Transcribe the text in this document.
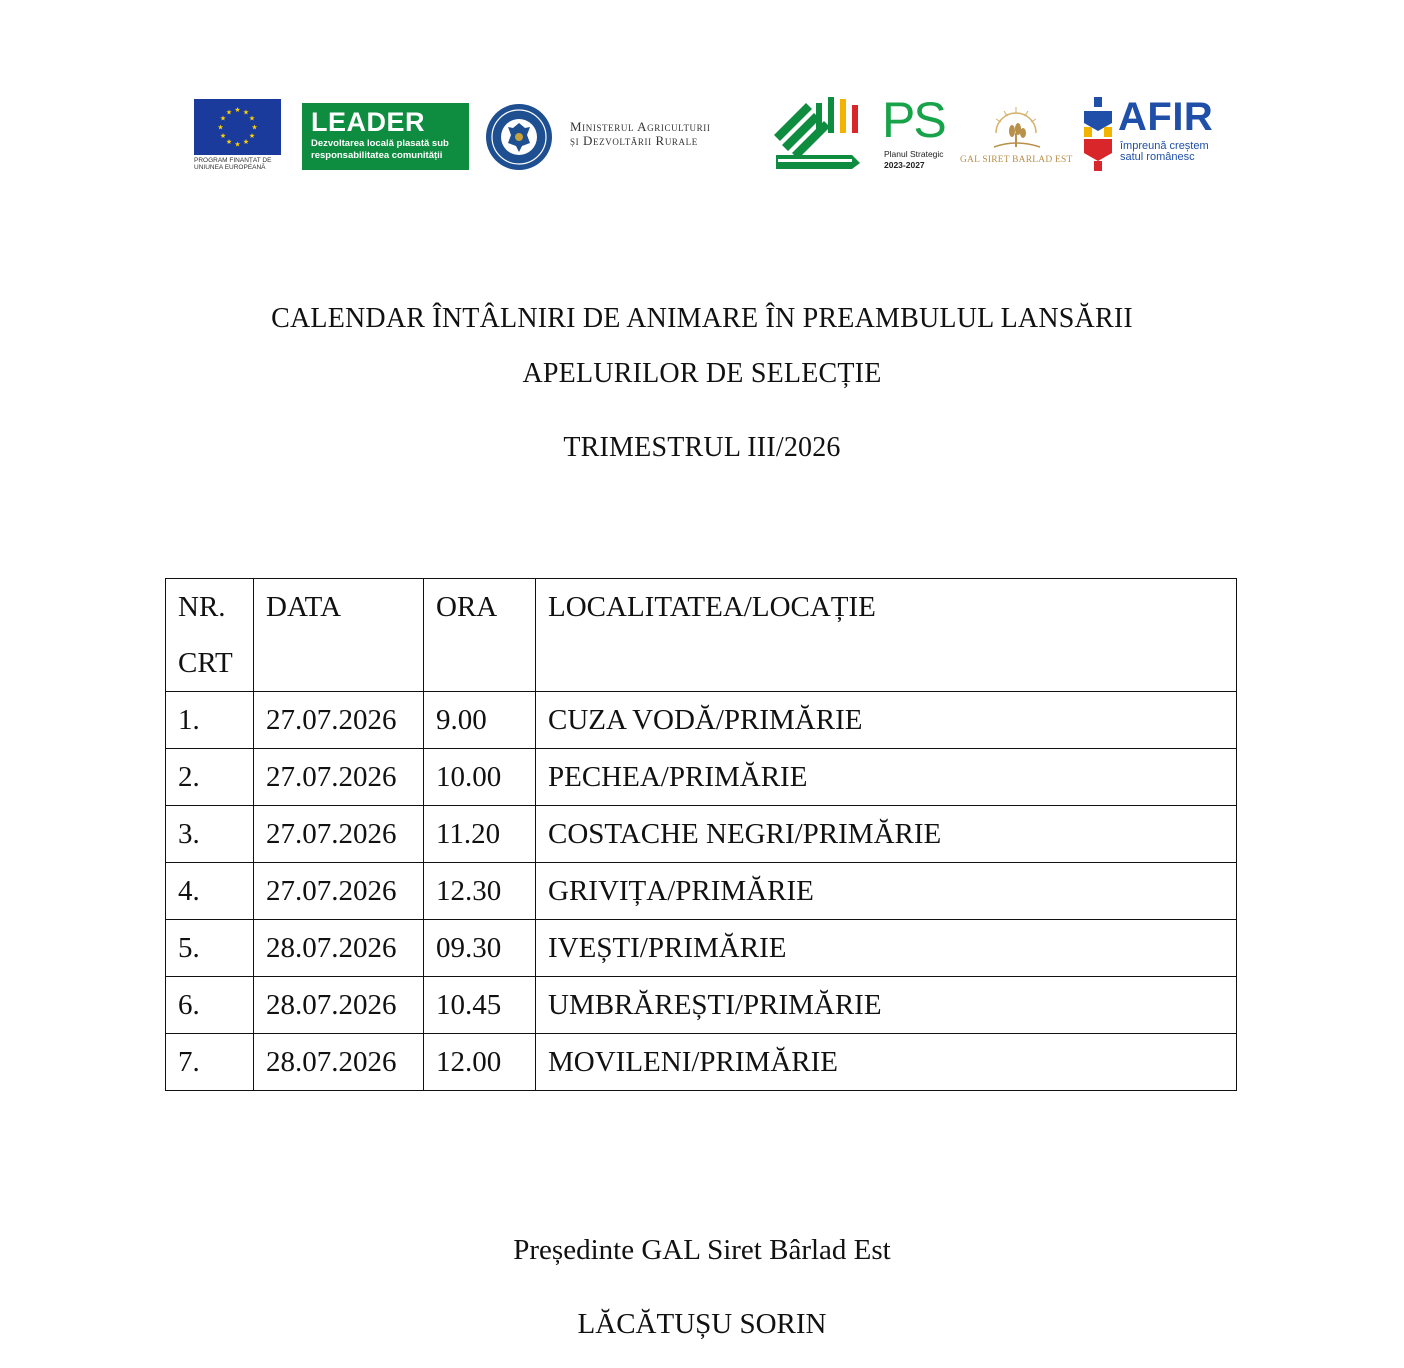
★ ★
★
★
★
★
★
★
★
★
★
★
PROGRAM FINANȚAT DE
UNIUNEA EUROPEANĂ
LEADER
Dezvoltarea locală plasată sub responsabilitatea comunității
Ministerul Agriculturii
și Dezvoltării Rurale	PS
Planul Strategic
2023-2027	GAL SIRET BARLAD EST
AFIR
împreună creștem
satul românesc
CALENDAR ÎNTÂLNIRI DE ANIMARE ÎN PREAMBULUL LANSĂRII
APELURILOR DE SELECȚIE
TRIMESTRUL III/2026
NR.
CRT	DATA	ORA	LOCALITATEA/LOCAȚIE
1.	27.07.2026	9.00	CUZA VODĂ/PRIMĂRIE
2.	27.07.2026	10.00	PECHEA/PRIMĂRIE
3.	27.07.2026	11.20	COSTACHE NEGRI/PRIMĂRIE
4.	27.07.2026	12.30	GRIVIȚA/PRIMĂRIE
5.	28.07.2026	09.30	IVEȘTI/PRIMĂRIE
6.	28.07.2026	10.45	UMBRĂREȘTI/PRIMĂRIE
7.	28.07.2026	12.00	MOVILENI/PRIMĂRIE
Președinte GAL Siret Bârlad Est
LĂCĂTUȘU SORIN
